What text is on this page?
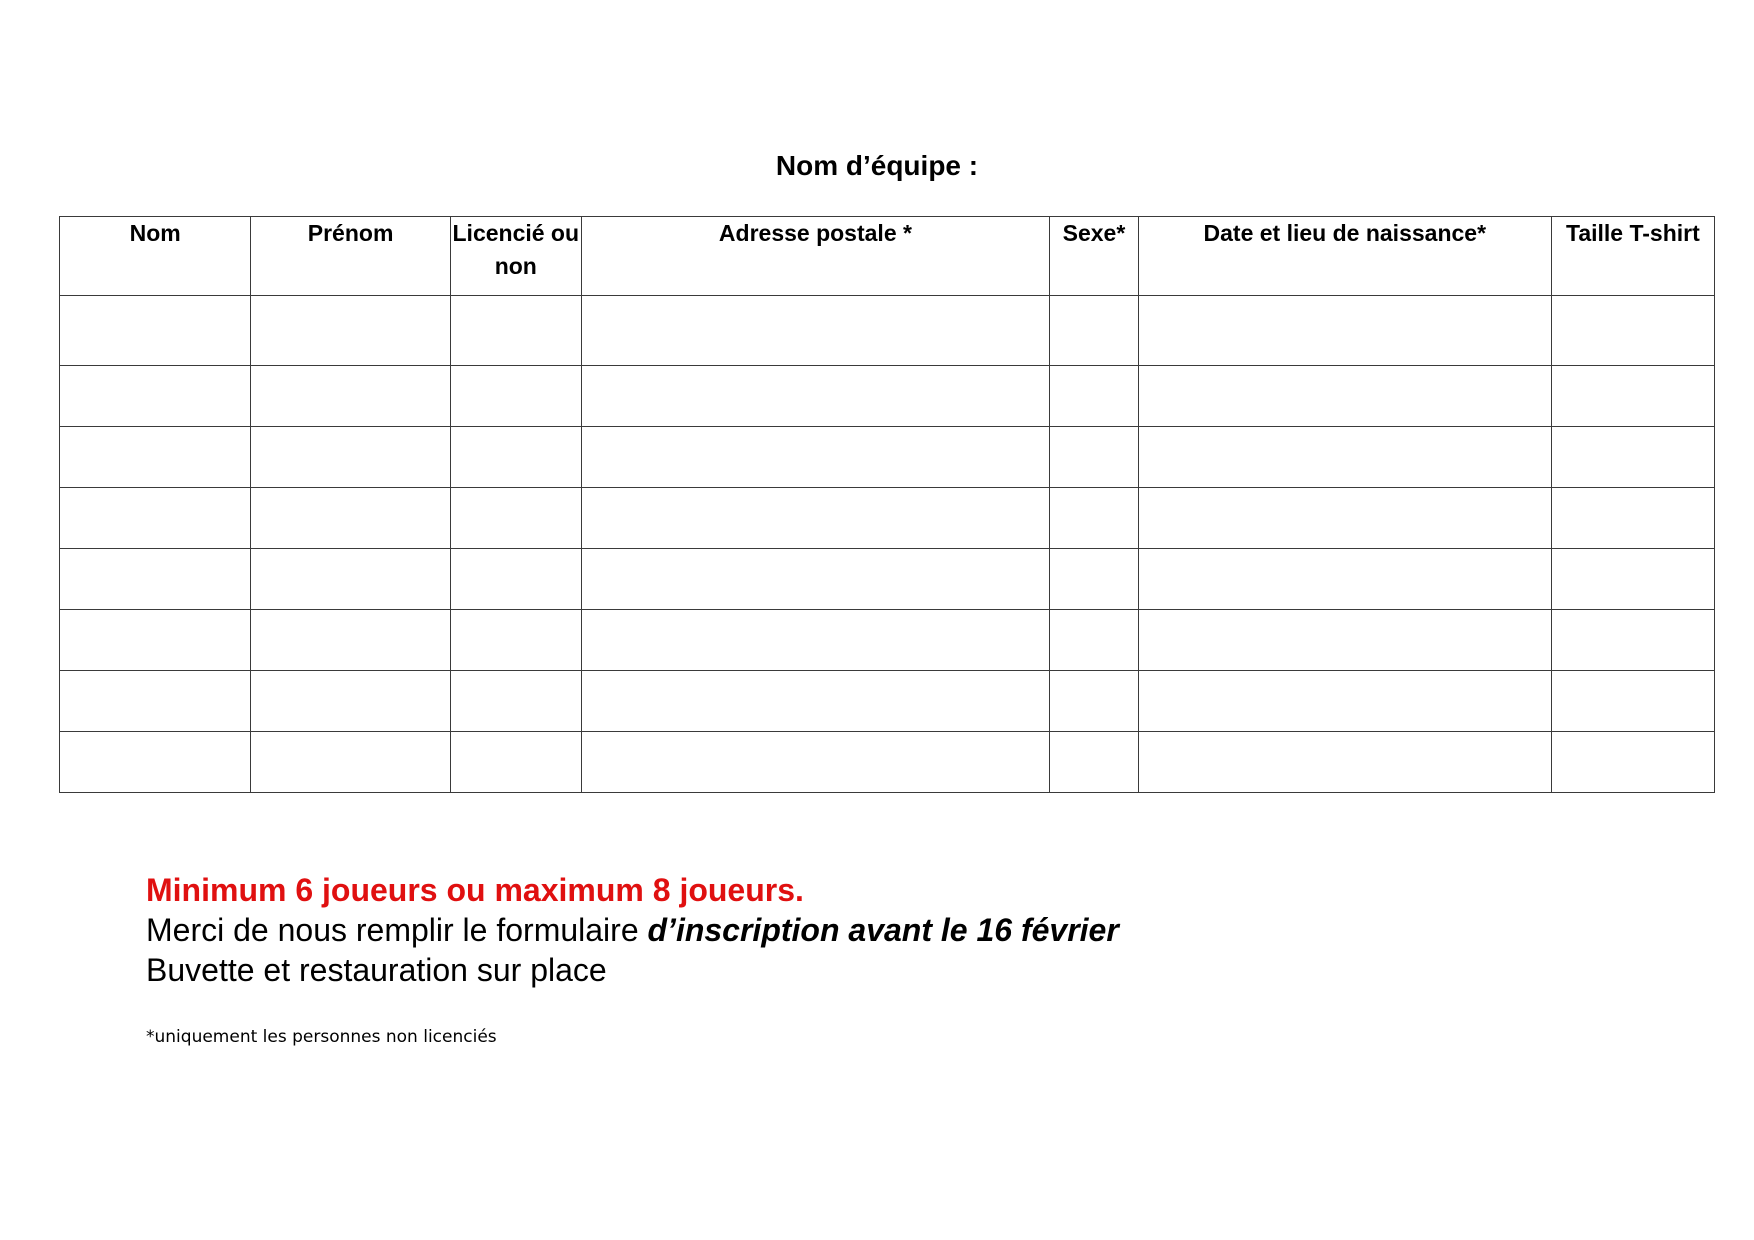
Nom d’équipe :
Nom	Prénom	Licencié ou non	Adresse postale *	Sexe*	Date et lieu de naissance*	Taille T-shirt

Minimum 6 joueurs ou maximum 8 joueurs.
Merci de nous remplir le formulaire d’inscription avant le 16 février
Buvette et restauration sur place
*uniquement les personnes non licenciés
